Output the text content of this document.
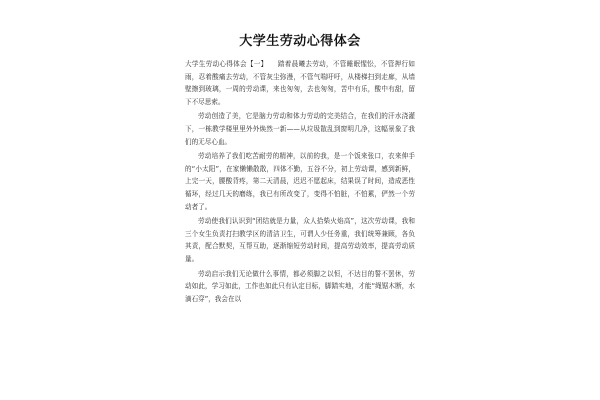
大学生劳动心得体会

大学生劳动心得体会【一】　　踏着晨曦去劳动，不管睡眠惺忪，不管押行如雨，忍着酸痛去劳动，不管灰尘弥漫，不管气喘吁吁，从楼梯扫到走廊，从墙壁擦到玻璃，一周的劳动课，来也匆匆，去也匆匆，苦中有乐，酸中有甜，留下不尽思索。

劳动创造了美，它是脑力劳动和体力劳动的完美结合，在我们的汗水浇灌下，一栋教学楼里里外外焕然一新——从垃圾散乱到窗明几净，这幅景象了我们的无尽心血。

劳动培养了我们吃苦耐劳的精神，以前的我，是一个饭来张口，衣来伸手的“小太阳”，在家懒懒散散，四体不勤，五谷不分，初上劳动课，感到新鲜，上完一天，腰酸背疼，第二天清晨，迟迟不愿起床，结果误了时间，造成恶性循环，经过几天的磨练，我已有所改变了，变得不怕脏，不怕累，俨然一个劳动者了。

劳动使我们认识到“团结就是力量，众人拾柴火焰高”，这次劳动课，我和三个女生负责打扫教学区的清洁卫生，可谓人少任务重，我们统筹兼顾，各负其责，配合默契，互帮互助，逐渐缩短劳动时间，提高劳动效率，提高劳动质量。

劳动启示我们无论做什么事情，都必须脚之以恒，不达目的誓不罢休，劳动如此，学习如此，工作也如此只有认定目标，脚踏实地，才能“绳锯木断，水滴石穿”，我会在以
